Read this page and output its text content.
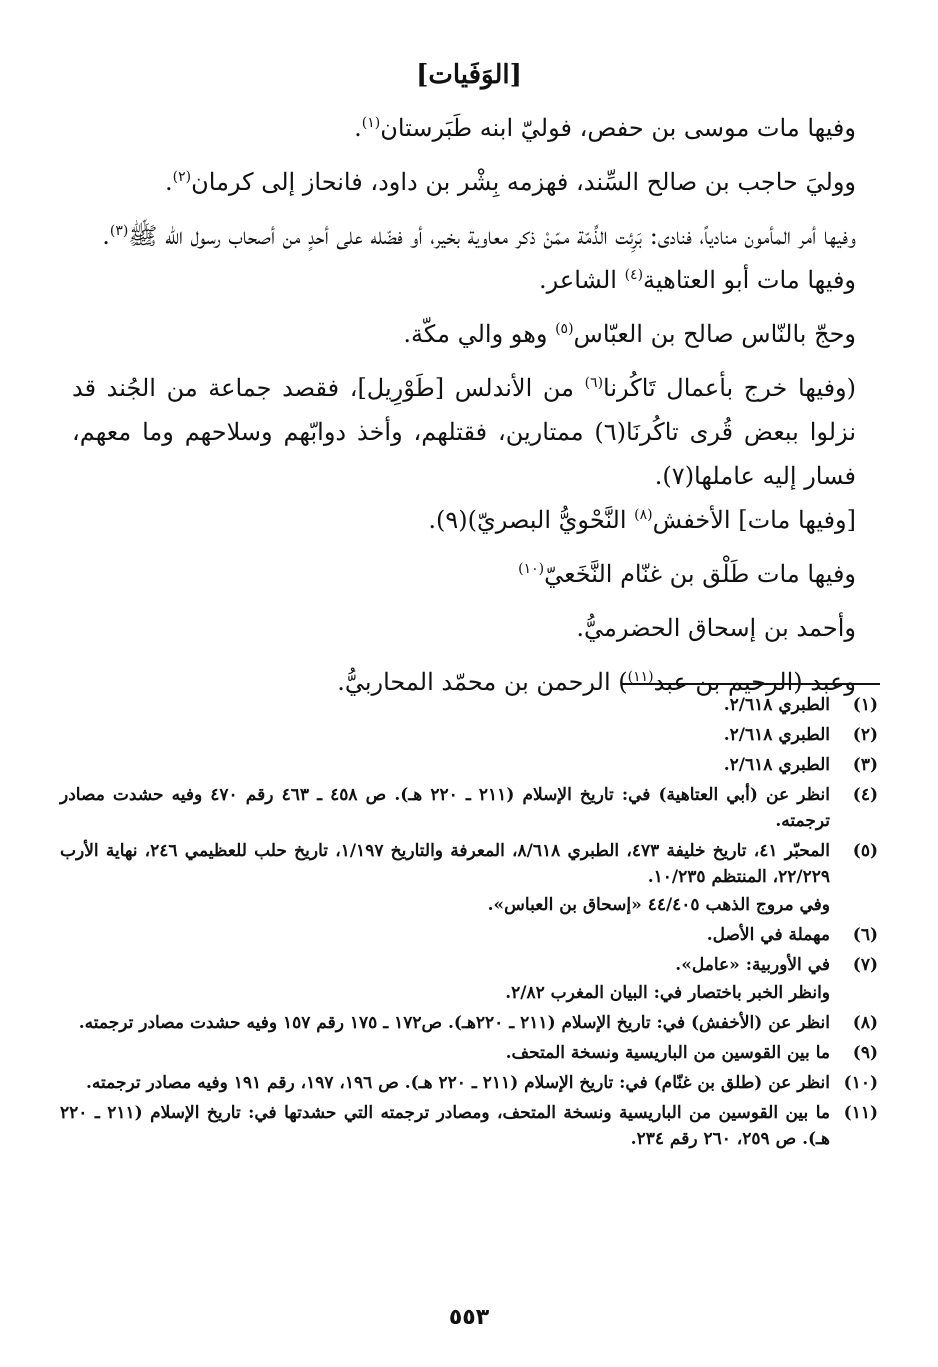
[الوَفَيات]

وفيها مات موسى بن حفص، فوليّ ابنه طَبَرستان$^{(١)}$.

ووليَ حاجب بن صالح السِّند، فهزمه بِشْر بن داود، فانحاز إلى كرمان$^{(٢)}$.

وفيها أمر المأمون منادياً، فنادى: بَرِئت الذِّمّة ممّنْ ذكر معاوية بخير، أو فضّله على أحدٍ من أصحاب رسول الله ﷺ$^{(٣)}$.

وفيها مات أبو العتاهية$^{(٤)}$ الشاعر.

وحجّ بالنّاس صالح بن العبّاس$^{(٥)}$ وهو والي مكّة.

(وفيها خرج بأعمال تَاكُرنا$^{(٦)}$ من الأندلس [طَوْرِيل]، فقصد جماعة من الجُند قد نزلوا ببعض قُرى تاكُرنَا(٦) ممتارين، فقتلهم، وأخذ دوابّهم وسلاحهم وما معهم، فسار إليه عاملها(٧).

[وفيها مات] الأخفش$^{(٨)}$ النَّحْويُّ البصريّ)(٩).

وفيها مات طَلْق بن غنّام النَّخَعيّ$^{(١٠)}$

وأحمد بن إسحاق الحضرميُّ.

وعبد (الرحيم بن عبد$^{(١١)}$) الرحمن بن محمّد المحاربيُّ.

(١)
الطبري ٢/٦١٨.
(٢)
الطبري ٢/٦١٨.
(٣)
الطبري ٢/٦١٨.
(٤)
انظر عن (أبي العتاهية) في: تاريخ الإسلام (٢١١ ـ ٢٢٠ هـ). ص ٤٥٨ ـ ٤٦٣ رقم ٤٧٠ وفيه حشدت مصادر ترجمته.
(٥)
المحبّر ٤١، تاريخ خليفة ٤٧٣، الطبري ٨/٦١٨، المعرفة والتاريخ ١/١٩٧، تاريخ حلب للعظيمي ٢٤٦، نهاية الأرب ٢٢/٢٢٩، المنتظم ١٠/٢٣٥.
وفي مروج الذهب ٤٤/٤٠٥ «إسحاق بن العباس».
(٦)
مهملة في الأصل.
(٧)
في الأوربية: «عامل».
وانظر الخبر باختصار في: البيان المغرب ٢/٨٢.
(٨)
انظر عن (الأخفش) في: تاريخ الإسلام (٢١١ ـ ٢٢٠هـ). ص١٧٢ ـ ١٧٥ رقم ١٥٧ وفيه حشدت مصادر ترجمته.
(٩)
ما بين القوسين من الباريسية ونسخة المتحف.
(١٠)
انظر عن (طلق بن غنّام) في: تاريخ الإسلام (٢١١ ـ ٢٢٠ هـ). ص ١٩٦، ١٩٧، رقم ١٩١ وفيه مصادر ترجمته.
(١١)
ما بين القوسين من الباريسية ونسخة المتحف، ومصادر ترجمته التي حشدتها في: تاريخ الإسلام (٢١١ ـ ٢٢٠ هـ). ص ٢٥٩، ٢٦٠ رقم ٢٣٤.
٥٥٣
